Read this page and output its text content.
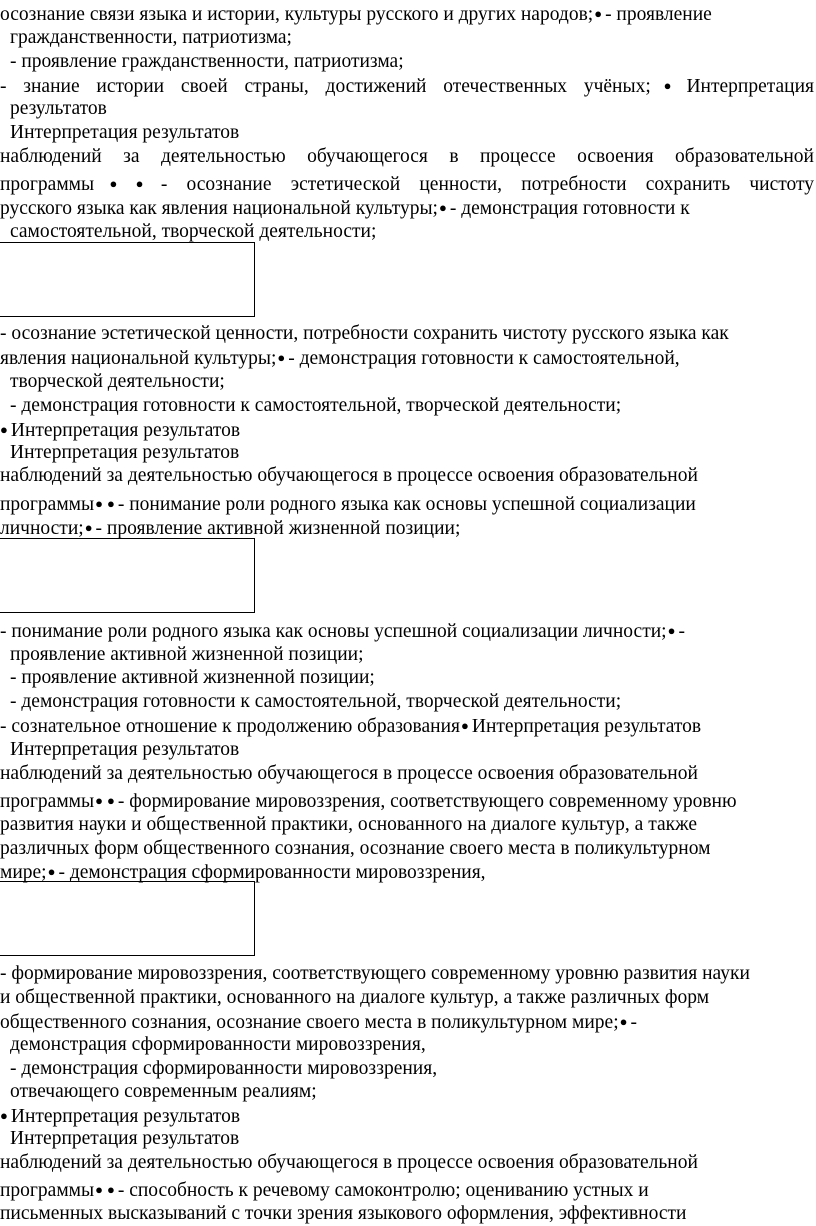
осознание связи языка и истории, культуры русского и других народов;● - проявление
гражданственности, патриотизма;
- проявление гражданственности, патриотизма;
- знание истории своей страны, достижений отечественных учёных;● Интерпретация
результатов
Интерпретация результатов
наблюдений за деятельностью обучающегося в процессе освоения образовательной
программы● ● - осознание эстетической ценности, потребности сохранить чистоту
русского языка как явления национальной культуры;● - демонстрация готовности к
самостоятельной, творческой деятельности;
- осознание эстетической ценности, потребности сохранить чистоту русского языка как
явления национальной культуры;● - демонстрация готовности к самостоятельной,
творческой деятельности;
- демонстрация готовности к самостоятельной, творческой деятельности;
● Интерпретация результатов
Интерпретация результатов
наблюдений за деятельностью обучающегося в процессе освоения образовательной
программы● ● - понимание роли родного языка как основы успешной социализации
личности;● - проявление активной жизненной позиции;
- понимание роли родного языка как основы успешной социализации личности;● -
проявление активной жизненной позиции;
- проявление активной жизненной позиции;
- демонстрация готовности к самостоятельной, творческой деятельности;
- сознательное отношение к продолжению образования● Интерпретация результатов
Интерпретация результатов
наблюдений за деятельностью обучающегося в процессе освоения образовательной
программы● ● - формирование мировоззрения, соответствующего современному уровню
развития науки и общественной практики, основанного на диалоге культур, а также
различных форм общественного сознания, осознание своего места в поликультурном
мире;● - демонстрация сформированности мировоззрения,
- формирование мировоззрения, соответствующего современному уровню развития науки
и общественной практики, основанного на диалоге культур, а также различных форм
общественного сознания, осознание своего места в поликультурном мире;● -
демонстрация сформированности мировоззрения,
- демонстрация сформированности мировоззрения,
отвечающего современным реалиям;
● Интерпретация результатов
Интерпретация результатов
наблюдений за деятельностью обучающегося в процессе освоения образовательной
программы● ● - способность к речевому самоконтролю; оцениванию устных и
письменных высказываний с точки зрения языкового оформления, эффективности
